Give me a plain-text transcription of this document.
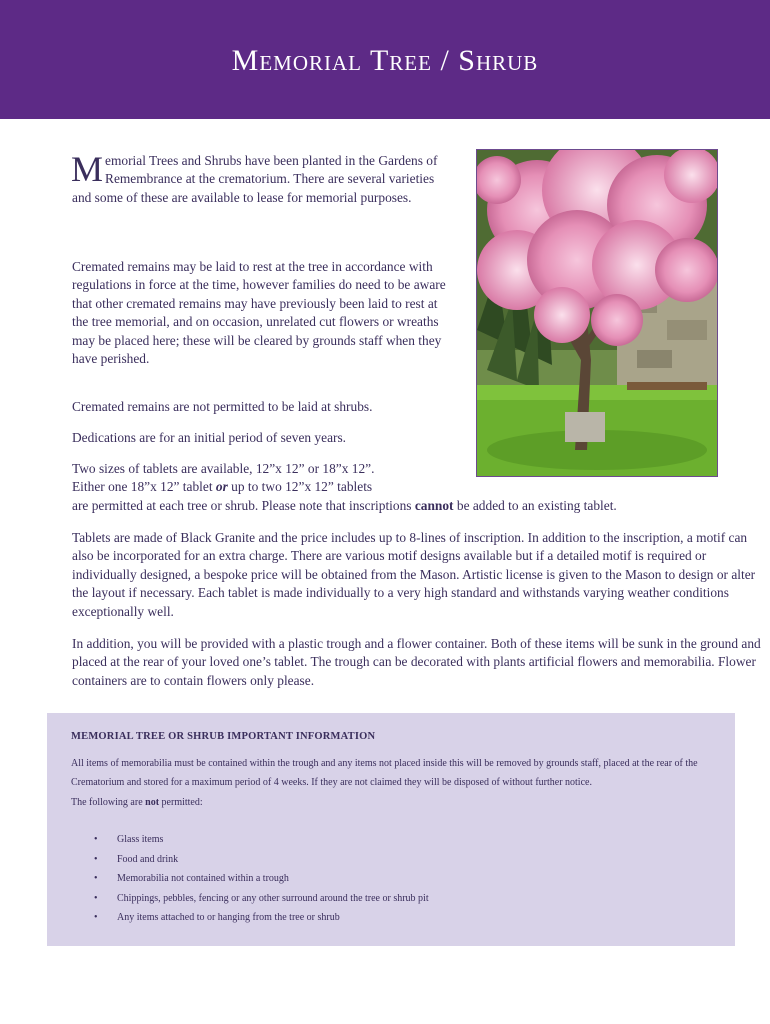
Memorial Tree / Shrub
Memorial Trees and Shrubs have been planted in the Gardens of Remembrance at the crematorium. There are several varieties and some of these are available to lease for memorial purposes.
Cremated remains may be laid to rest at the tree in accordance with regulations in force at the time, however families do need to be aware that other cremated remains may have previously been laid to rest at the tree memorial, and on occasion, unrelated cut flowers or wreaths may be placed here; these will be cleared by grounds staff when they have perished.
Cremated remains are not permitted to be laid at shrubs.
Dedications are for an initial period of seven years.
Two sizes of tablets are available, 12”x 12” or 18”x 12”.
Either one 18”x 12” tablet or up to two 12”x 12” tablets
are permitted at each tree or shrub. Please note that inscriptions cannot be added to an existing tablet.
Tablets are made of Black Granite and the price includes up to 8-lines of inscription. In addition to the inscription, a motif can also be incorporated for an extra charge. There are various motif designs available but if a detailed motif is required or individually designed, a bespoke price will be obtained from the Mason. Artistic license is given to the Mason to design or alter the layout if necessary. Each tablet is made individually to a very high standard and withstands varying weather conditions exceptionally well.
In addition, you will be provided with a plastic trough and a flower container. Both of these items will be sunk in the ground and placed at the rear of your loved one’s tablet. The trough can be decorated with plants artificial flowers and memorabilia. Flower containers are to contain flowers only please.
MEMORIAL TREE OR SHRUB IMPORTANT INFORMATION
All items of memorabilia must be contained within the trough and any items not placed inside this will be removed by grounds staff, placed at the rear of the Crematorium and stored for a maximum period of 4 weeks. If they are not claimed they will be disposed of without further notice.
The following are not permitted:
• Glass items
• Food and drink
• Memorabilia not contained within a trough
• Chippings, pebbles, fencing or any other surround around the tree or shrub pit
• Any items attached to or hanging from the tree or shrub
